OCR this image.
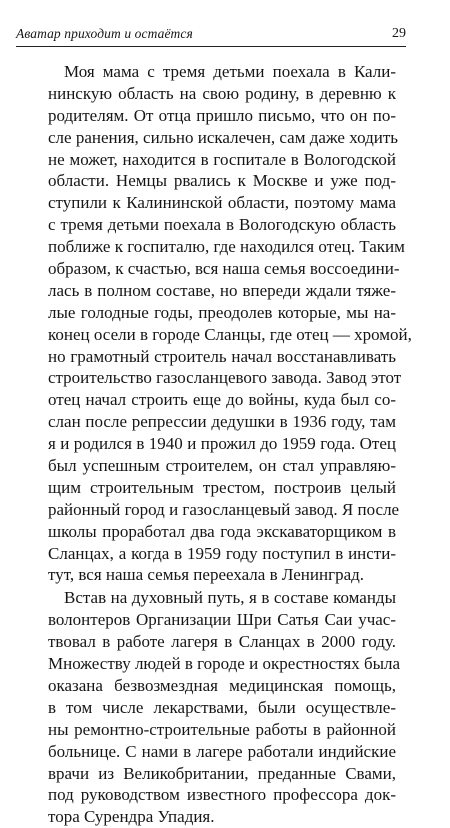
Аватар приходит и остаётся	29
Моя мама с тремя детьми поехала в Кали-
нинскую область на свою родину, в деревню к
родителям. От отца пришло письмо, что он по-
сле ранения, сильно искалечен, сам даже ходить
не может, находится в госпитале в Вологодской
области. Немцы рвались к Москве и уже под-
ступили к Калининской области, поэтому мама
с тремя детьми поехала в Вологодскую область
поближе к госпиталю, где находился отец. Таким
образом, к счастью, вся наша семья воссоедини-
лась в полном составе, но впереди ждали тяже-
лые голодные годы, преодолев которые, мы на-
конец осели в городе Сланцы, где отец — хромой,
но грамотный строитель начал восстанавливать
строительство газосланцевого завода. Завод этот
отец начал строить еще до войны, куда был со-
слан после репрессии дедушки в 1936 году, там
я и родился в 1940 и прожил до 1959 года. Отец
был успешным строителем, он стал управляю-
щим строительным трестом, построив целый
районный город и газосланцевый завод. Я после
школы проработал два года экскаваторщиком в
Сланцах, а когда в 1959 году поступил в инсти-
тут, вся наша семья переехала в Ленинград.
Встав на духовный путь, я в составе команды
волонтеров Организации Шри Сатья Саи учас-
твовал в работе лагеря в Сланцах в 2000 году.
Множеству людей в городе и окрестностях была
оказана безвозмездная медицинская помощь,
в том числе лекарствами, были осуществле-
ны ремонтно-строительные работы в районной
больнице. С нами в лагере работали индийские
врачи из Великобритании, преданные Свами,
под руководством известного профессора док-
тора Сурендра Упадия.
